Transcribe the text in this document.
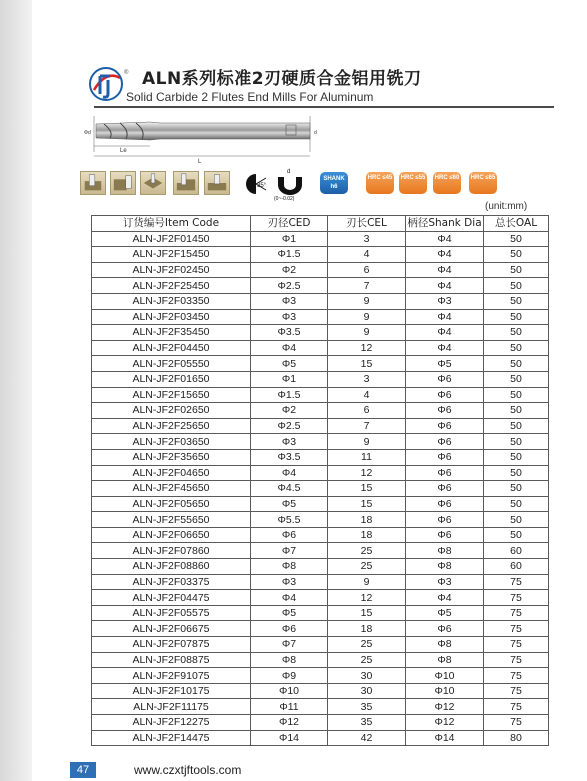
® ALN系列标准2刃硬质合金铝用铣刀
Solid Carbide 2 Flutes End Mills For Aluminum
Le
L
Φd	d
35°
d
(0~-0.02)
SHANK h6
HRC ≤45 HRC ≤55 HRC ≤60 HRC ≤65
(unit:mm)
订货编号Item Code	刃径CED	刃长CEL	柄径Shank Dia	总长OAL
ALN-JF2F01450	Φ1	3	Φ4	50
ALN-JF2F15450	Φ1.5	4	Φ4	50
ALN-JF2F02450	Φ2	6	Φ4	50
ALN-JF2F25450	Φ2.5	7	Φ4	50
ALN-JF2F03350	Φ3	9	Φ3	50
ALN-JF2F03450	Φ3	9	Φ4	50
ALN-JF2F35450	Φ3.5	9	Φ4	50
ALN-JF2F04450	Φ4	12	Φ4	50
ALN-JF2F05550	Φ5	15	Φ5	50
ALN-JF2F01650	Φ1	3	Φ6	50
ALN-JF2F15650	Φ1.5	4	Φ6	50
ALN-JF2F02650	Φ2	6	Φ6	50
ALN-JF2F25650	Φ2.5	7	Φ6	50
ALN-JF2F03650	Φ3	9	Φ6	50
ALN-JF2F35650	Φ3.5	11	Φ6	50
ALN-JF2F04650	Φ4	12	Φ6	50
ALN-JF2F45650	Φ4.5	15	Φ6	50
ALN-JF2F05650	Φ5	15	Φ6	50
ALN-JF2F55650	Φ5.5	18	Φ6	50
ALN-JF2F06650	Φ6	18	Φ6	50
ALN-JF2F07860	Φ7	25	Φ8	60
ALN-JF2F08860	Φ8	25	Φ8	60
ALN-JF2F03375	Φ3	9	Φ3	75
ALN-JF2F04475	Φ4	12	Φ4	75
ALN-JF2F05575	Φ5	15	Φ5	75
ALN-JF2F06675	Φ6	18	Φ6	75
ALN-JF2F07875	Φ7	25	Φ8	75
ALN-JF2F08875	Φ8	25	Φ8	75
ALN-JF2F91075	Φ9	30	Φ10	75
ALN-JF2F10175	Φ10	30	Φ10	75
ALN-JF2F11175	Φ11	35	Φ12	75
ALN-JF2F12275	Φ12	35	Φ12	75
ALN-JF2F14475	Φ14	42	Φ14	80
47	www.czxtjftools.com
